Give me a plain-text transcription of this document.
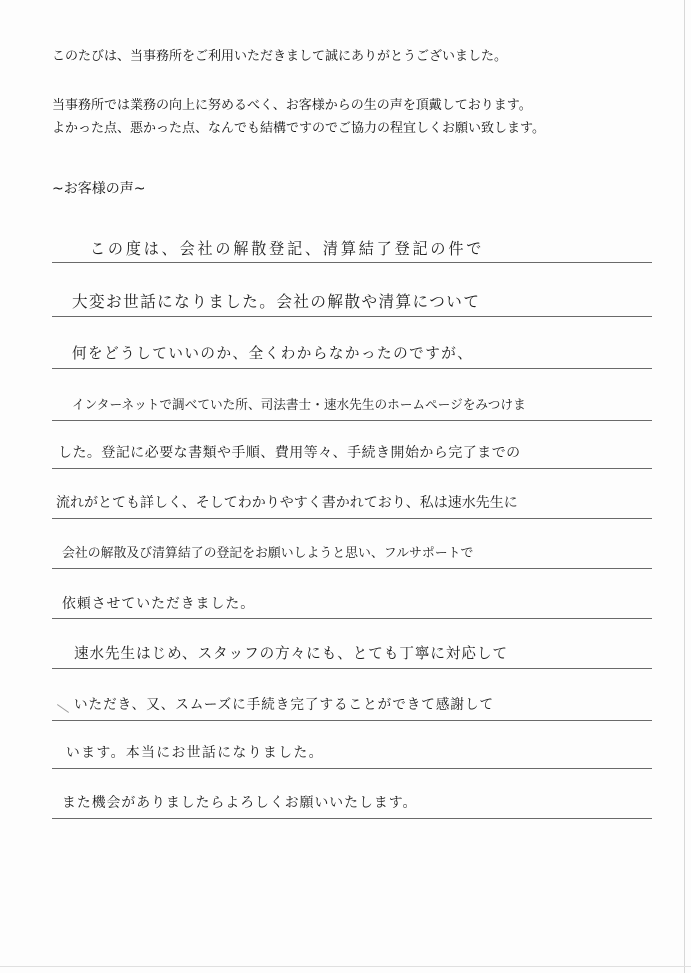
このたびは、当事務所をご利用いただきまして誠にありがとうございました。
当事務所では業務の向上に努めるべく、お客様からの生の声を頂戴しております。
よかった点、悪かった点、なんでも結構ですのでご協力の程宜しくお願い致します。
~お客様の声~
この度は、会社の解散登記、清算結了登記の件で
大変お世話になりました。会社の解散や清算について
何をどうしていいのか、全くわからなかったのですが、
インターネットで調べていた所、司法書士・速水先生のホームページをみつけま
した。登記に必要な書類や手順、費用等々、手続き開始から完了までの
流れがとても詳しく、そしてわかりやすく書かれており、私は速水先生に
会社の解散及び清算結了の登記をお願いしようと思い、フルサポートで
依頼させていただきました。
速水先生はじめ、スタッフの方々にも、とても丁寧に対応して
いただき、又、スムーズに手続き完了することができて感謝して
います。本当にお世話になりました。
また機会がありましたらよろしくお願いいたします。
